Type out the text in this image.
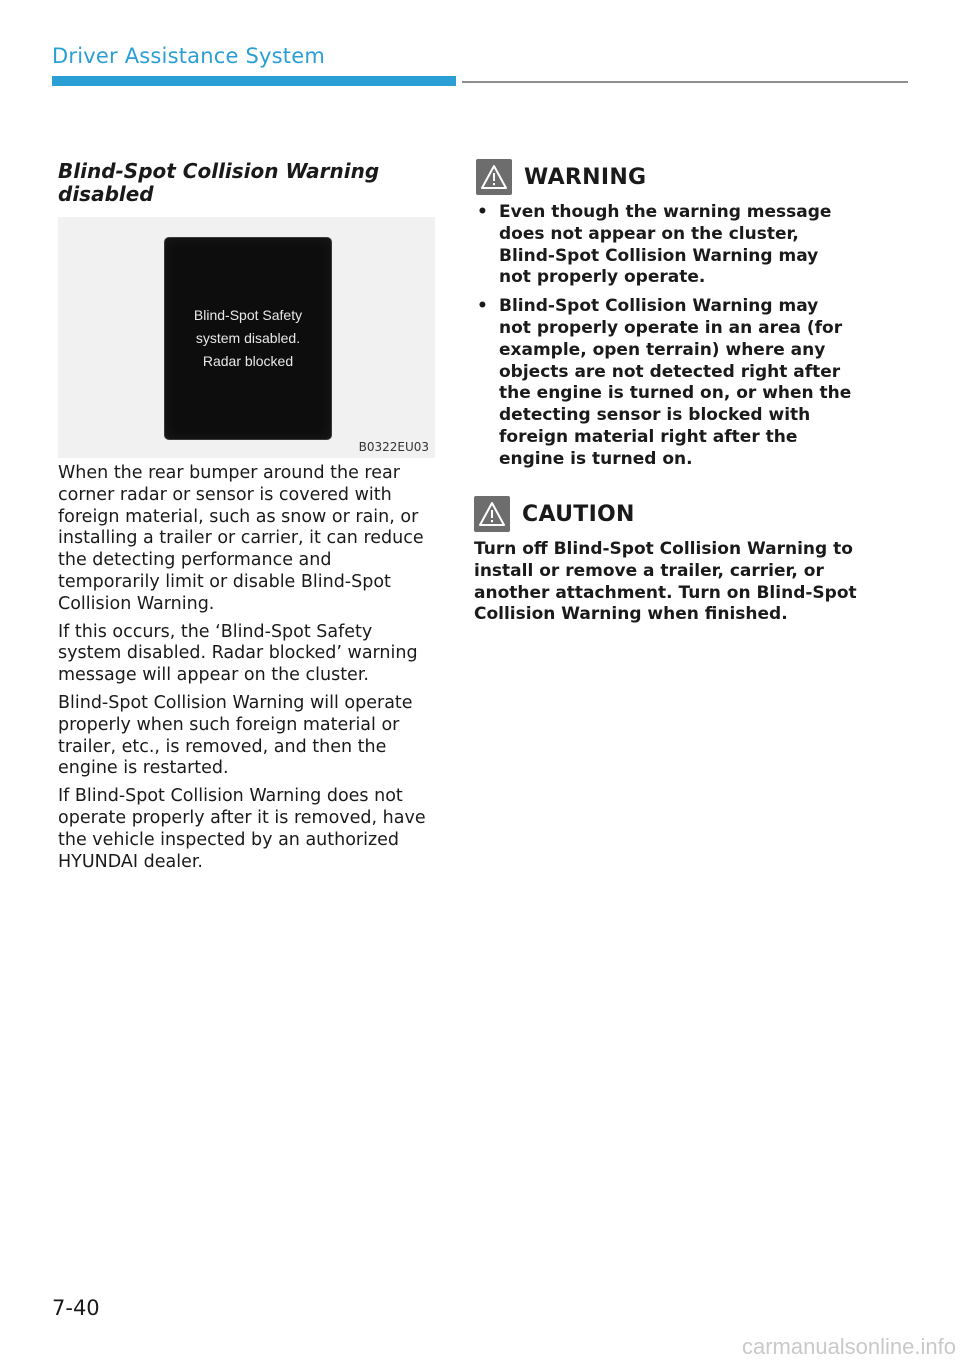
Driver Assistance System
Blind-Spot Collision Warning disabled
Blind-Spot Safety
system disabled.
Radar blocked
B0322EU03

When the rear bumper around the rear corner radar or sensor is covered with foreign material, such as snow or rain, or installing a trailer or carrier, it can reduce the detecting performance and temporarily limit or disable Blind-Spot Collision Warning.

If this occurs, the ‘Blind-Spot Safety system disabled. Radar blocked’ warning message will appear on the cluster.

Blind-Spot Collision Warning will operate properly when such foreign material or trailer, etc., is removed, and then the engine is restarted.

If Blind-Spot Collision Warning does not operate properly after it is removed, have the vehicle inspected by an authorized HYUNDAI dealer.

WARNING
• Even though the warning message does not appear on the cluster, Blind-Spot Collision Warning may not properly operate.
• Blind-Spot Collision Warning may not properly operate in an area (for example, open terrain) where any objects are not detected right after the engine is turned on, or when the detecting sensor is blocked with foreign material right after the engine is turned on.
CAUTION

Turn off Blind-Spot Collision Warning to install or remove a trailer, carrier, or another attachment. Turn on Blind-Spot Collision Warning when finished.

7-40
carmanualsonline.info
